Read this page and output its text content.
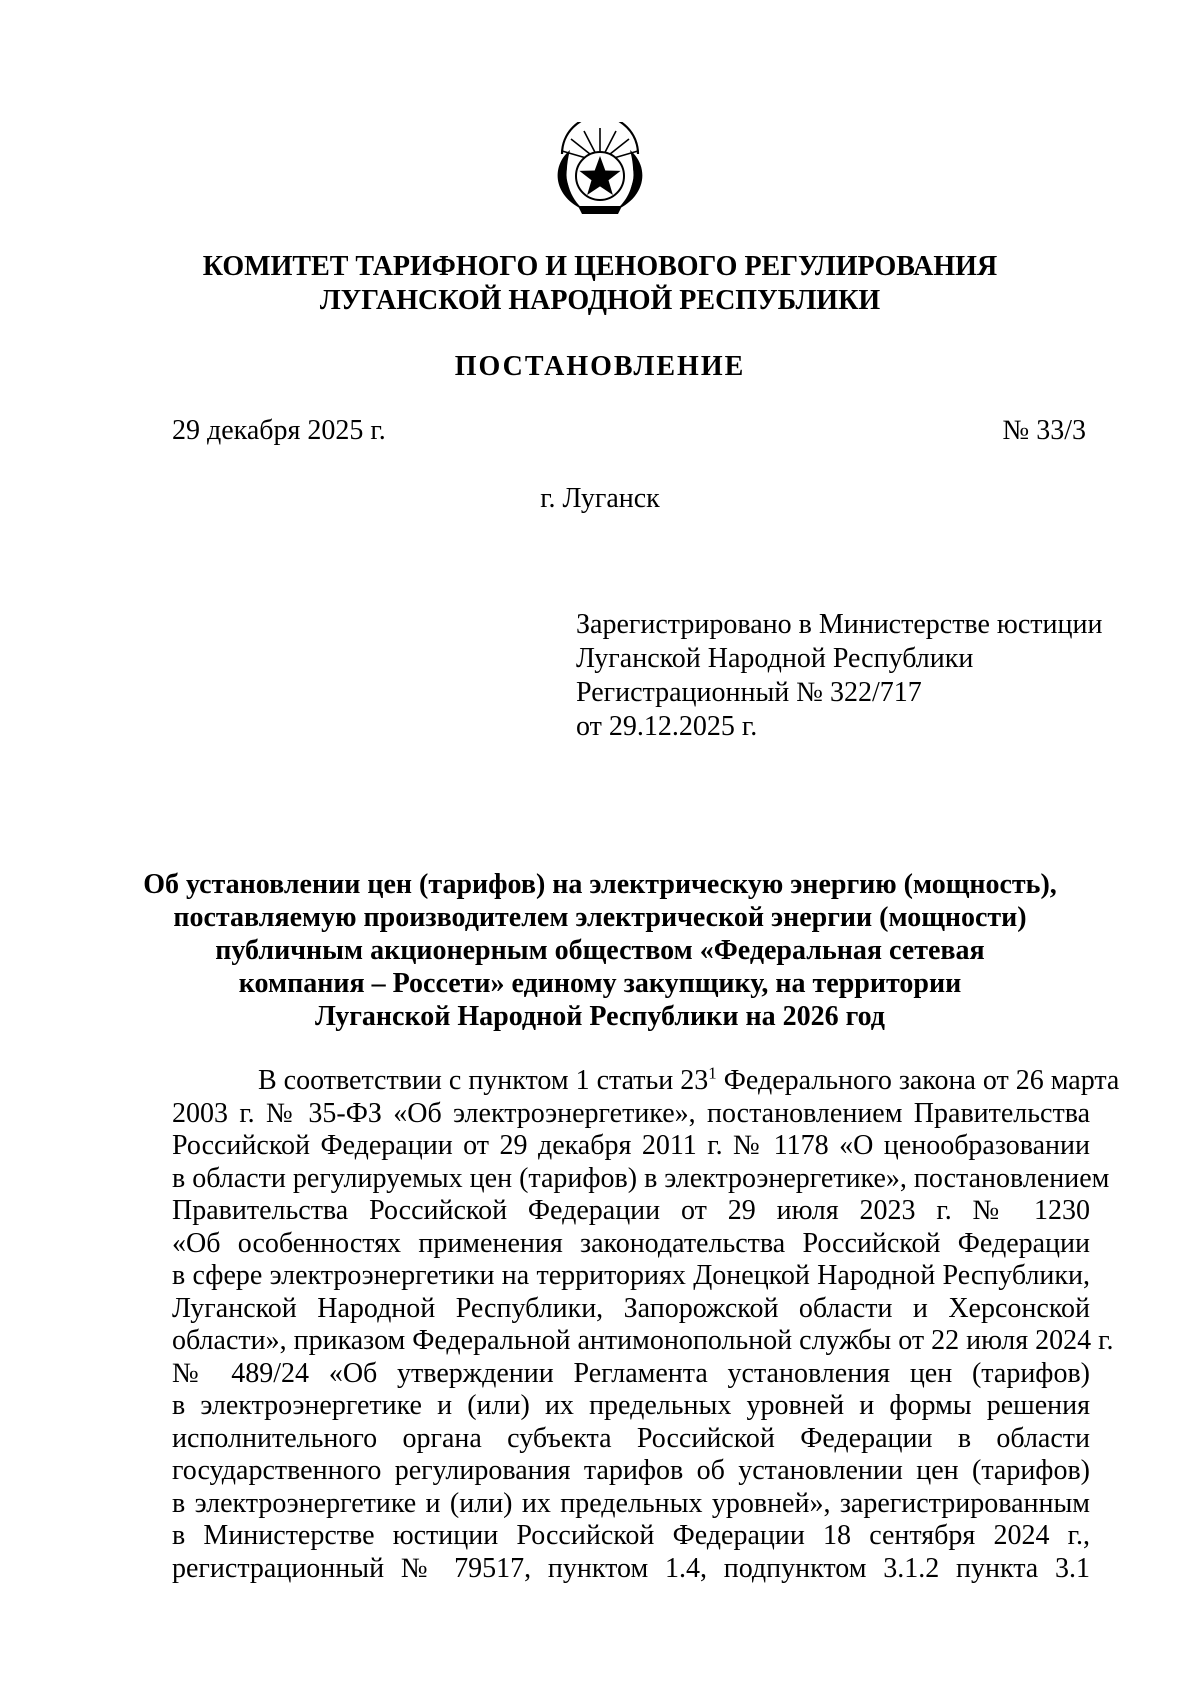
КОМИТЕТ ТАРИФНОГО И ЦЕНОВОГО РЕГУЛИРОВАНИЯ
ЛУГАНСКОЙ НАРОДНОЙ РЕСПУБЛИКИ
ПОСТАНОВЛЕНИЕ
29 декабря 2025 г.	№ 33/3
г. Луганск
Зарегистрировано в Министерстве юстиции
Луганской Народной Республики
Регистрационный № 322/717
от 29.12.2025 г.
Об установлении цен (тарифов) на электрическую энергию (мощность),
поставляемую производителем электрической энергии (мощности)
публичным акционерным обществом «Федеральная сетевая
компания – Россети» единому закупщику, на территории
Луганской Народной Республики на 2026 год
В соответствии с пунктом 1 статьи $23^1$ Федерального закона от 26 марта
2003 г. № 35-ФЗ «Об электроэнергетике», постановлением Правительства
Российской Федерации от 29 декабря 2011 г. № 1178 «О ценообразовании
в области регулируемых цен (тарифов) в электроэнергетике», постановлением
Правительства Российской Федерации от 29 июля 2023 г. № 1230
«Об особенностях применения законодательства Российской Федерации
в сфере электроэнергетики на территориях Донецкой Народной Республики,
Луганской Народной Республики, Запорожской области и Херсонской
области», приказом Федеральной антимонопольной службы от 22 июля 2024 г.
№ 489/24 «Об утверждении Регламента установления цен (тарифов)
в электроэнергетике и (или) их предельных уровней и формы решения
исполнительного органа субъекта Российской Федерации в области
государственного регулирования тарифов об установлении цен (тарифов)
в электроэнергетике и (или) их предельных уровней», зарегистрированным
в Министерстве юстиции Российской Федерации 18 сентября 2024 г.,
регистрационный № 79517, пунктом 1.4, подпунктом 3.1.2 пункта 3.1
